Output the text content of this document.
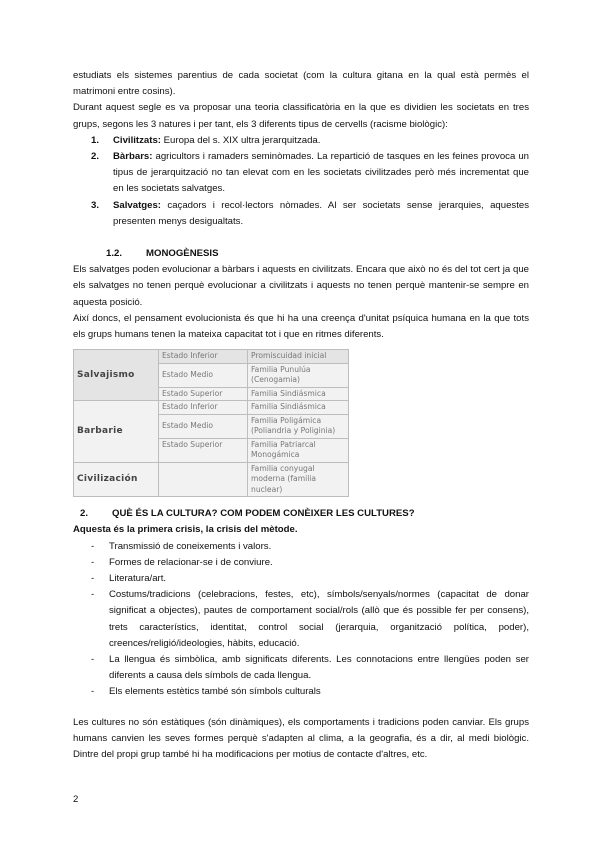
estudiats els sistemes parentius de cada societat (com la cultura gitana en la qual està permès el matrimoni entre cosins).

Durant aquest segle es va proposar una teoria classificatòria en la que es dividien les societats en tres grups, segons les 3 natures i per tant, els 3 diferents tipus de cervells (racisme biològic):

1. Civilitzats: Europa del s. XIX ultra jerarquitzada.
2. Bàrbars: agricultors i ramaders seminòmades. La repartició de tasques en les feines provoca un tipus de jerarquització no tan elevat com en les societats civilitzades però més incrementat que en les societats salvatges.
3. Salvatges: caçadors i recol·lectors nòmades. Al ser societats sense jerarquies, aquestes presenten menys desigualtats.
1.2. MONOGÈNESIS

Els salvatges poden evolucionar a bàrbars i aquests en civilitzats. Encara que això no és del tot cert ja que els salvatges no tenen perquè evolucionar a civilitzats i aquests no tenen perquè mantenir-se sempre en aquesta posició.

Així doncs, el pensament evolucionista és que hi ha una creença d'unitat psíquica humana en la que tots els grups humans tenen la mateixa capacitat tot i que en ritmes diferents.

Salvajismo	Estado Inferior	Promiscuidad inicial
	Estado Medio	Familia Punulúa (Cenogamia)
	Estado Superior	Familia Sindiásmica
Barbarie	Estado Inferior	Familia Sindiásmica
	Estado Medio	Familia Poligámica (Poliandria y Poliginia)
	Estado Superior	Familia Patriarcal Monogámica
Civilización		Familia conyugal moderna (familia nuclear)
2. QUÈ ÉS LA CULTURA? COM PODEM CONÈIXER LES CULTURES?

Aquesta és la primera crisis, la crisis del mètode.

- Transmissió de coneixements i valors.
- Formes de relacionar-se i de conviure.
- Literatura/art.
- Costums/tradicions (celebracions, festes, etc), símbols/senyals/normes (capacitat de donar significat a objectes), pautes de comportament social/rols (allò que és possible fer per consens), trets característics, identitat, control social (jerarquia, organització política, poder), creences/religió/ideologies, hàbits, educació.
- La llengua és simbòlica, amb significats diferents. Les connotacions entre llengües poden ser diferents a causa dels símbols de cada llengua.
- Els elements estètics també són símbols culturals

Les cultures no són estàtiques (són dinàmiques), els comportaments i tradicions poden canviar. Els grups humans canvien les seves formes perquè s'adapten al clima, a la geografia, és a dir, al medi biològic. Dintre del propi grup també hi ha modificacions per motius de contacte d'altres, etc.

2
